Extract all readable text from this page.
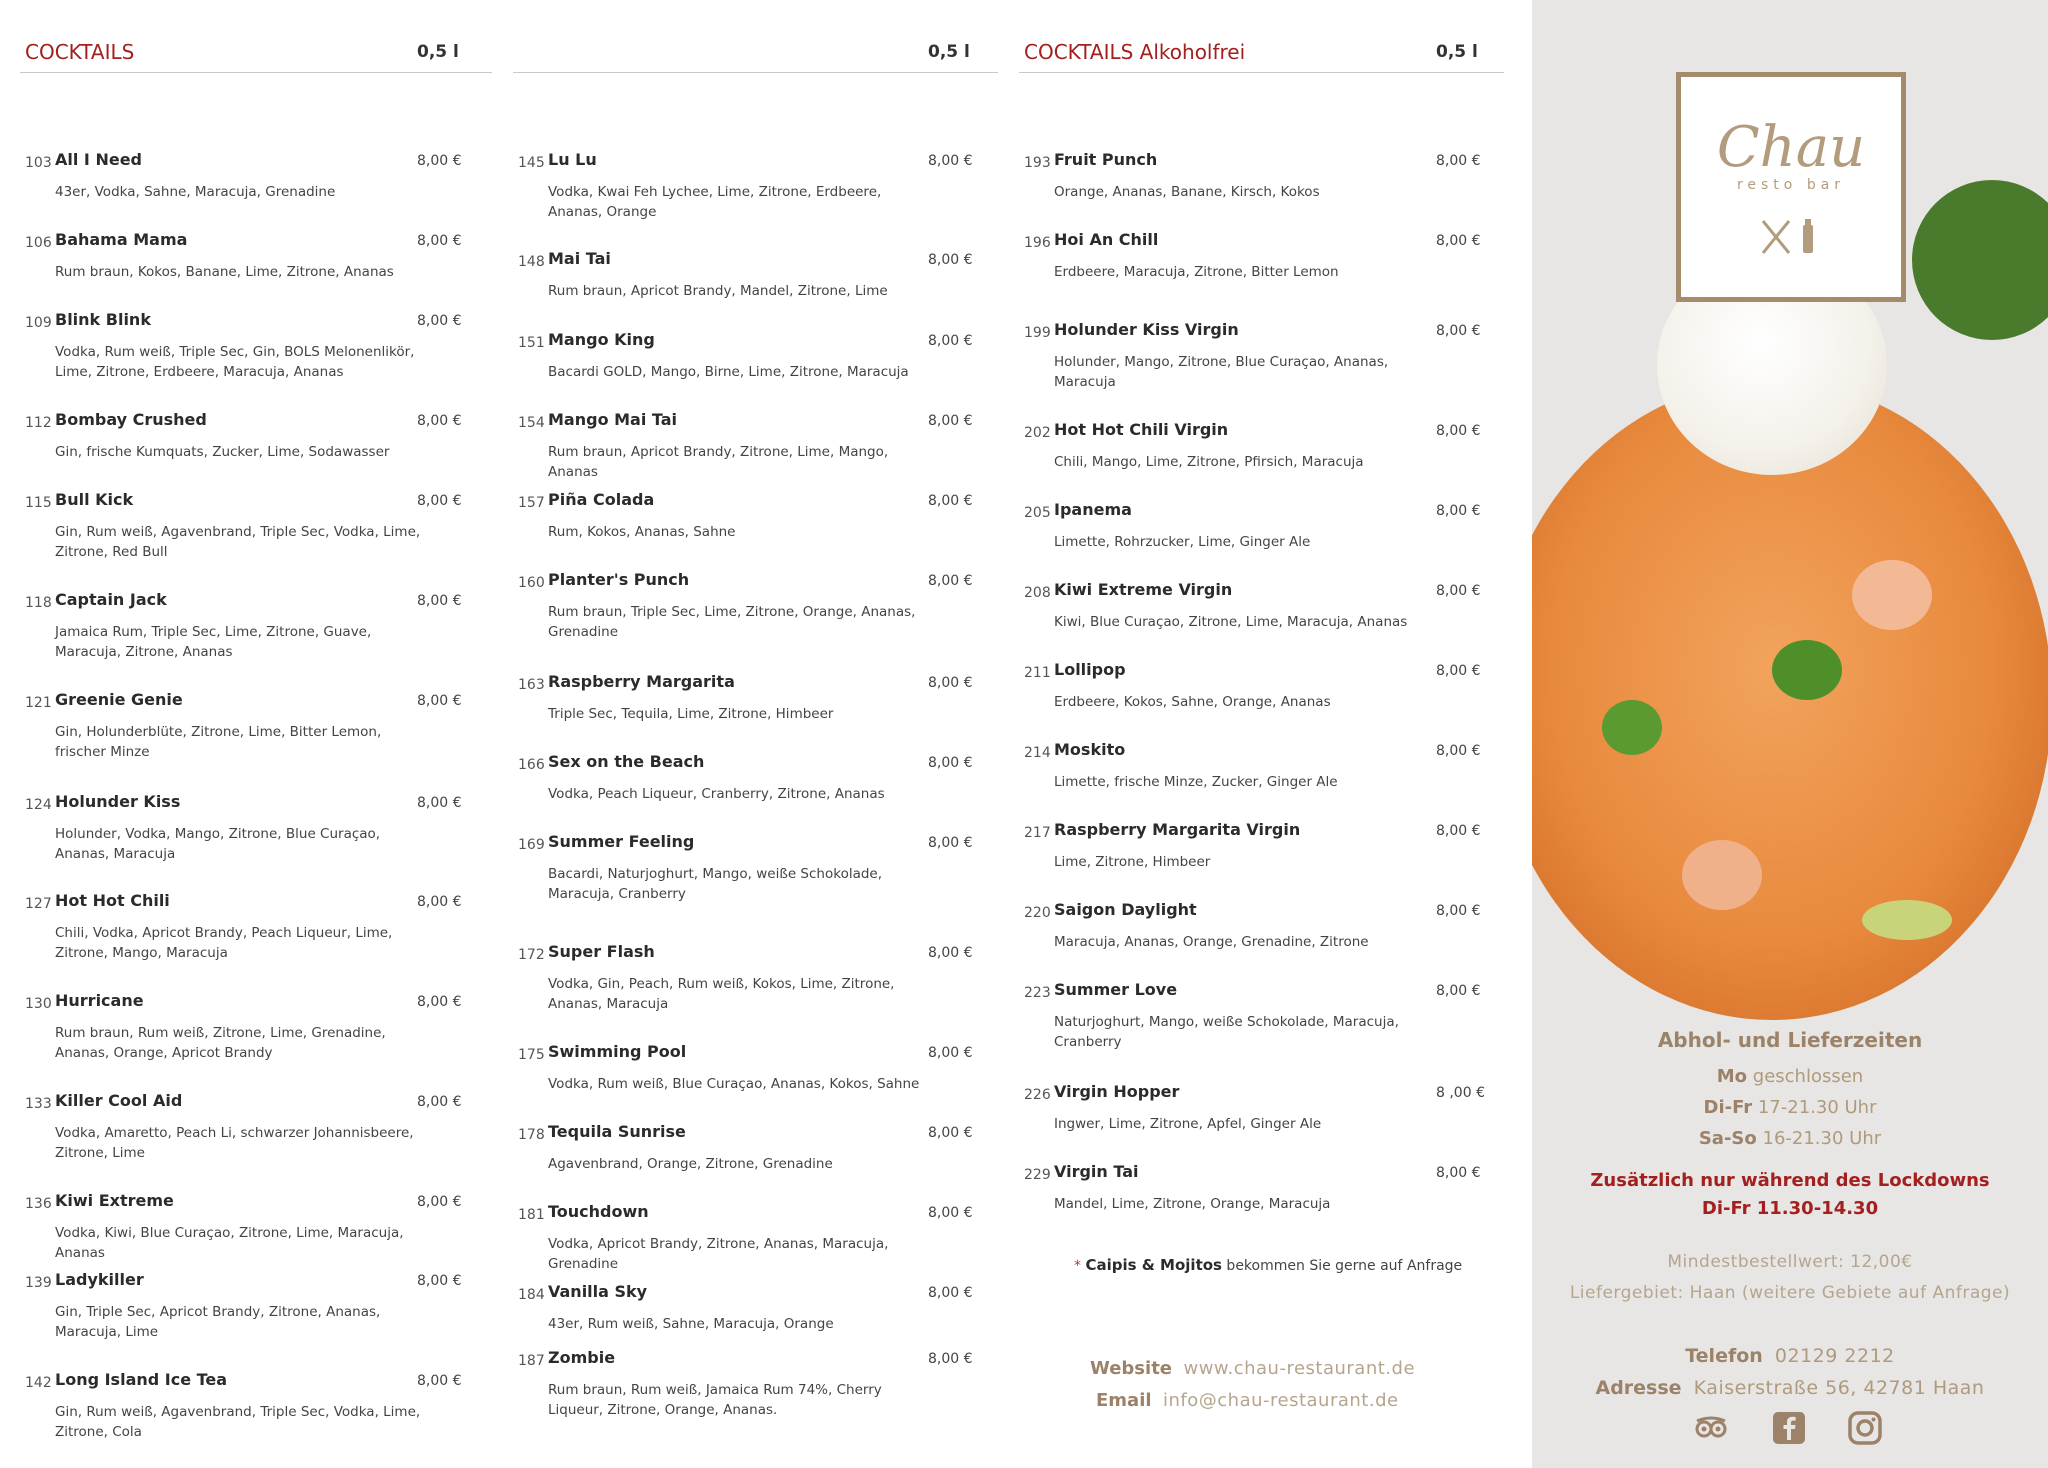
COCKTAILS	0,5 l
103 All I Need	8,00 €
43er, Vodka, Sahne, Maracuja, Grenadine
106 Bahama Mama	8,00 €
Rum braun, Kokos, Banane, Lime, Zitrone, Ananas
109 Blink Blink	8,00 €
Vodka, Rum weiß, Triple Sec, Gin, BOLS Melonenlikör, Lime, Zitrone, Erdbeere, Maracuja, Ananas
112 Bombay Crushed	8,00 €
Gin, frische Kumquats, Zucker, Lime, Sodawasser
115 Bull Kick	8,00 €
Gin, Rum weiß, Agavenbrand, Triple Sec, Vodka, Lime, Zitrone, Red Bull
118 Captain Jack	8,00 €
Jamaica Rum, Triple Sec, Lime, Zitrone, Guave, Maracuja, Zitrone, Ananas
121 Greenie Genie	8,00 €
Gin, Holunderblüte, Zitrone, Lime, Bitter Lemon, frischer Minze
124 Holunder Kiss	8,00 €
Holunder, Vodka, Mango, Zitrone, Blue Curaçao, Ananas, Maracuja
127 Hot Hot Chili	8,00 €
Chili, Vodka, Apricot Brandy, Peach Liqueur, Lime, Zitrone, Mango, Maracuja
130 Hurricane	8,00 €
Rum braun, Rum weiß, Zitrone, Lime, Grenadine, Ananas, Orange, Apricot Brandy
133 Killer Cool Aid	8,00 €
Vodka, Amaretto, Peach Li, schwarzer Johannisbeere, Zitrone, Lime
136 Kiwi Extreme	8,00 €
Vodka, Kiwi, Blue Curaçao, Zitrone, Lime, Maracuja, Ananas
139 Ladykiller	8,00 €
Gin, Triple Sec, Apricot Brandy, Zitrone, Ananas, Maracuja, Lime
142 Long Island Ice Tea	8,00 €
Gin, Rum weiß, Agavenbrand, Triple Sec, Vodka, Lime, Zitrone, Cola
0,5 l
145 Lu Lu	8,00 €
Vodka, Kwai Feh Lychee, Lime, Zitrone, Erdbeere, Ananas, Orange
148 Mai Tai	8,00 €
Rum braun, Apricot Brandy, Mandel, Zitrone, Lime
151 Mango King	8,00 €
Bacardi GOLD, Mango, Birne, Lime, Zitrone, Maracuja
154 Mango Mai Tai	8,00 €
Rum braun, Apricot Brandy, Zitrone, Lime, Mango, Ananas
157 Piña Colada	8,00 €
Rum, Kokos, Ananas, Sahne
160 Planter's Punch	8,00 €
Rum braun, Triple Sec, Lime, Zitrone, Orange, Ananas, Grenadine
163 Raspberry Margarita	8,00 €
Triple Sec, Tequila, Lime, Zitrone, Himbeer
166 Sex on the Beach	8,00 €
Vodka, Peach Liqueur, Cranberry, Zitrone, Ananas
169 Summer Feeling	8,00 €
Bacardi, Naturjoghurt, Mango, weiße Schokolade, Maracuja, Cranberry
172 Super Flash	8,00 €
Vodka, Gin, Peach, Rum weiß, Kokos, Lime, Zitrone, Ananas, Maracuja
175 Swimming Pool	8,00 €
Vodka, Rum weiß, Blue Curaçao, Ananas, Kokos, Sahne
178 Tequila Sunrise	8,00 €
Agavenbrand, Orange, Zitrone, Grenadine
181 Touchdown	8,00 €
Vodka, Apricot Brandy, Zitrone, Ananas, Maracuja, Grenadine
184 Vanilla Sky	8,00 €
43er, Rum weiß, Sahne, Maracuja, Orange
187 Zombie	8,00 €
Rum braun, Rum weiß, Jamaica Rum 74%, Cherry Liqueur, Zitrone, Orange, Ananas.
COCKTAILS Alkoholfrei	0,5 l
193 Fruit Punch	8,00 €
Orange, Ananas, Banane, Kirsch, Kokos
196 Hoi An Chill	8,00 €
Erdbeere, Maracuja, Zitrone, Bitter Lemon
199 Holunder Kiss Virgin	8,00 €
Holunder, Mango, Zitrone, Blue Curaçao, Ananas, Maracuja
202 Hot Hot Chili Virgin	8,00 €
Chili, Mango, Lime, Zitrone, Pfirsich, Maracuja
205 Ipanema	8,00 €
Limette, Rohrzucker, Lime, Ginger Ale
208 Kiwi Extreme Virgin	8,00 €
Kiwi, Blue Curaçao, Zitrone, Lime, Maracuja, Ananas
211 Lollipop	8,00 €
Erdbeere, Kokos, Sahne, Orange, Ananas
214 Moskito	8,00 €
Limette, frische Minze, Zucker, Ginger Ale
217 Raspberry Margarita Virgin	8,00 €
Lime, Zitrone, Himbeer
220 Saigon Daylight	8,00 €
Maracuja, Ananas, Orange, Grenadine, Zitrone
223 Summer Love	8,00 €
Naturjoghurt, Mango, weiße Schokolade, Maracuja, Cranberry
226 Virgin Hopper	8 ,00 €
Ingwer, Lime, Zitrone, Apfel, Ginger Ale
229 Virgin Tai	8,00 €
Mandel, Lime, Zitrone, Orange, Maracuja
* Caipis & Mojitos bekommen Sie gerne auf Anfrage
Website www.chau-restaurant.de
Email info@chau-restaurant.de
Chau
resto bar
Abhol- und Lieferzeiten
Mo geschlossen
Di-Fr 17-21.30 Uhr
Sa-So 16-21.30 Uhr
Zusätzlich nur während des Lockdowns
Di-Fr 11.30-14.30
Mindestbestellwert: 12,00€
Liefergebiet: Haan (weitere Gebiete auf Anfrage)
Telefon 02129 2212
Adresse Kaiserstraße 56, 42781 Haan
